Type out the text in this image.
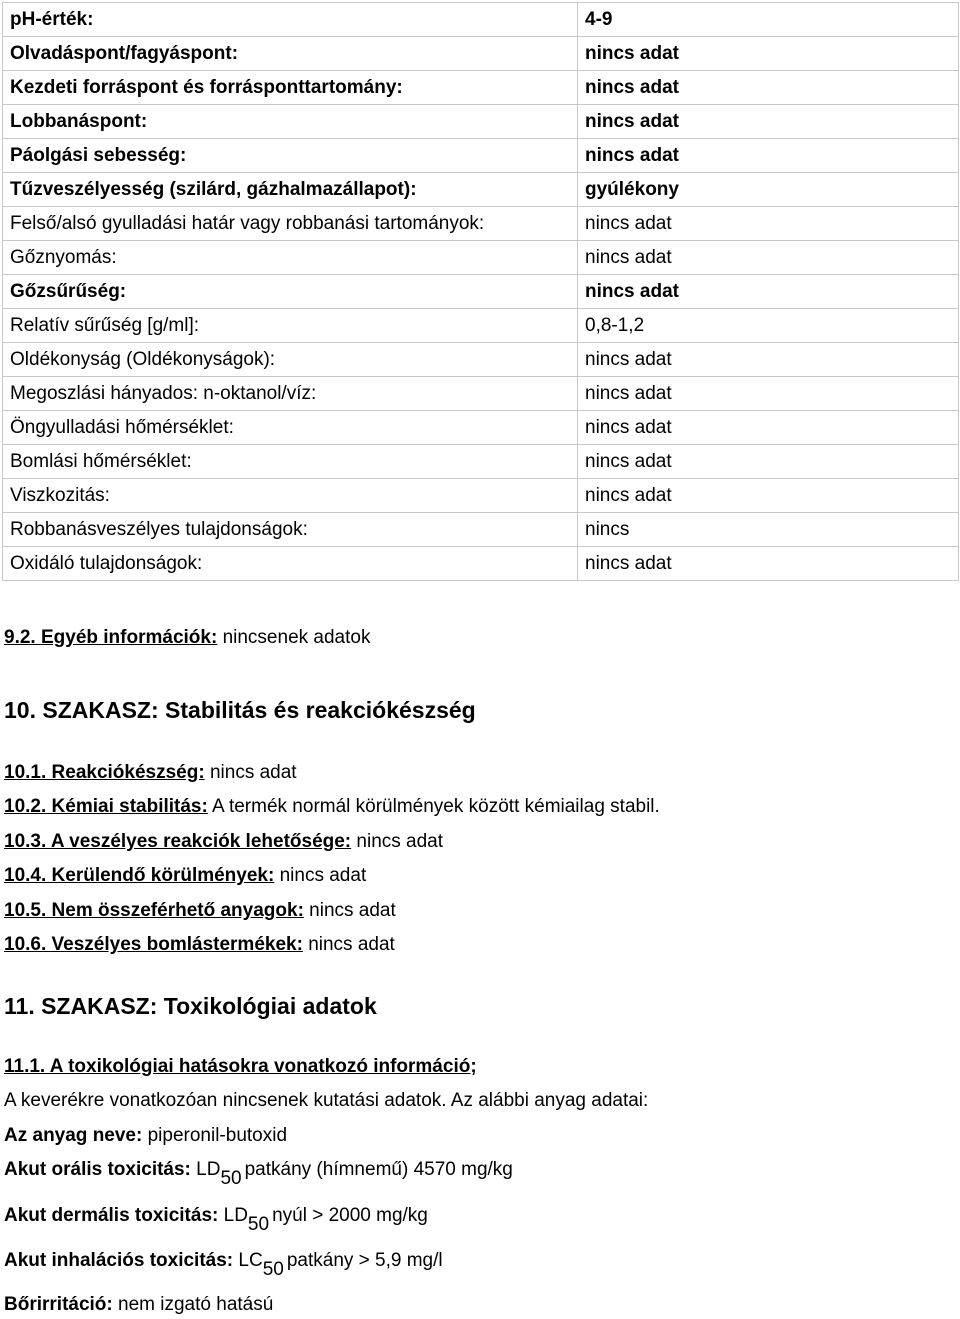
pH-érték:	4-9
Olvadáspont/fagyáspont:	nincs adat
Kezdeti forráspont és forrásponttartomány:	nincs adat
Lobbanáspont:	nincs adat
Páolgási sebesség:	nincs adat
Tűzveszélyesség (szilárd, gázhalmazállapot):	gyúlékony
Felső/alsó gyulladási határ vagy robbanási tartományok:	nincs adat
Gőznyomás:	nincs adat
Gőzsűrűség:	nincs adat
Relatív sűrűség [g/ml]:	0,8-1,2
Oldékonyság (Oldékonyságok):	nincs adat
Megoszlási hányados: n-oktanol/víz:	nincs adat
Öngyulladási hőmérséklet:	nincs adat
Bomlási hőmérséklet:	nincs adat
Viszkozitás:	nincs adat
Robbanásveszélyes tulajdonságok:	nincs
Oxidáló tulajdonságok:	nincs adat
9.2. Egyéb információk: nincsenek adatok
10. SZAKASZ: Stabilitás és reakciókészség
10.1. Reakciókészség: nincs adat
10.2. Kémiai stabilitás: A termék normál körülmények között kémiailag stabil.
10.3. A veszélyes reakciók lehetősége: nincs adat
10.4. Kerülendő körülmények: nincs adat
10.5. Nem összeférhető anyagok: nincs adat
10.6. Veszélyes bomlástermékek: nincs adat
11. SZAKASZ: Toxikológiai adatok
11.1. A toxikológiai hatásokra vonatkozó információ;
A keverékre vonatkozóan nincsenek kutatási adatok. Az alábbi anyag adatai:
Az anyag neve: piperonil-butoxid
Akut orális toxicitás: LD50 patkány (hímnemű) 4570 mg/kg
Akut dermális toxicitás: LD50 nyúl > 2000 mg/kg
Akut inhalációs toxicitás: LC50 patkány > 5,9 mg/l
Bőrirritáció: nem izgató hatású
